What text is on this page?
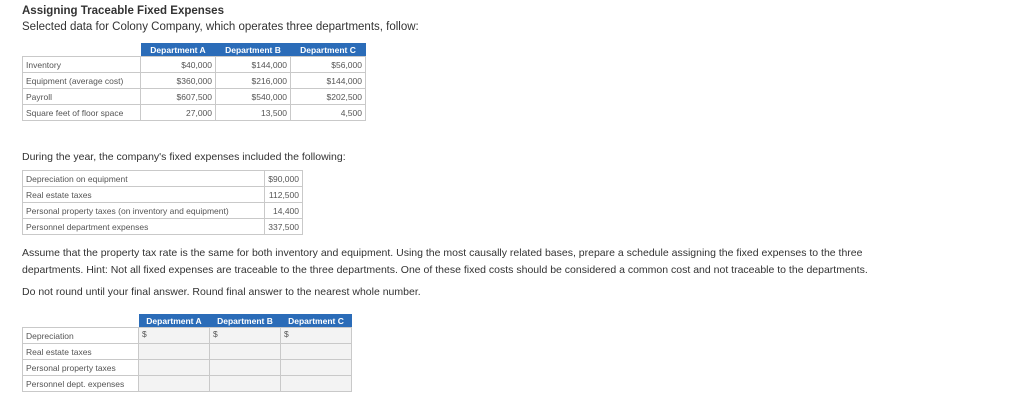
Assigning Traceable Fixed Expenses
Selected data for Colony Company, which operates three departments, follow:
	Department A	Department B	Department C
Inventory	$40,000	$144,000	$56,000
Equipment (average cost)	$360,000	$216,000	$144,000
Payroll	$607,500	$540,000	$202,500
Square feet of floor space	27,000	13,500	4,500
During the year, the company's fixed expenses included the following:
Depreciation on equipment	$90,000
Real estate taxes	112,500
Personal property taxes (on inventory and equipment)	14,400
Personnel department expenses	337,500
Assume that the property tax rate is the same for both inventory and equipment. Using the most causally related bases, prepare a schedule assigning the fixed expenses to the three
departments. Hint: Not all fixed expenses are traceable to the three departments. One of these fixed costs should be considered a common cost and not traceable to the departments.
Do not round until your final answer. Round final answer to the nearest whole number.
	Department A	Department B	Department C
Depreciation	$	$	$

Real estate taxes			
Personal property taxes			
Personnel dept. expenses			
